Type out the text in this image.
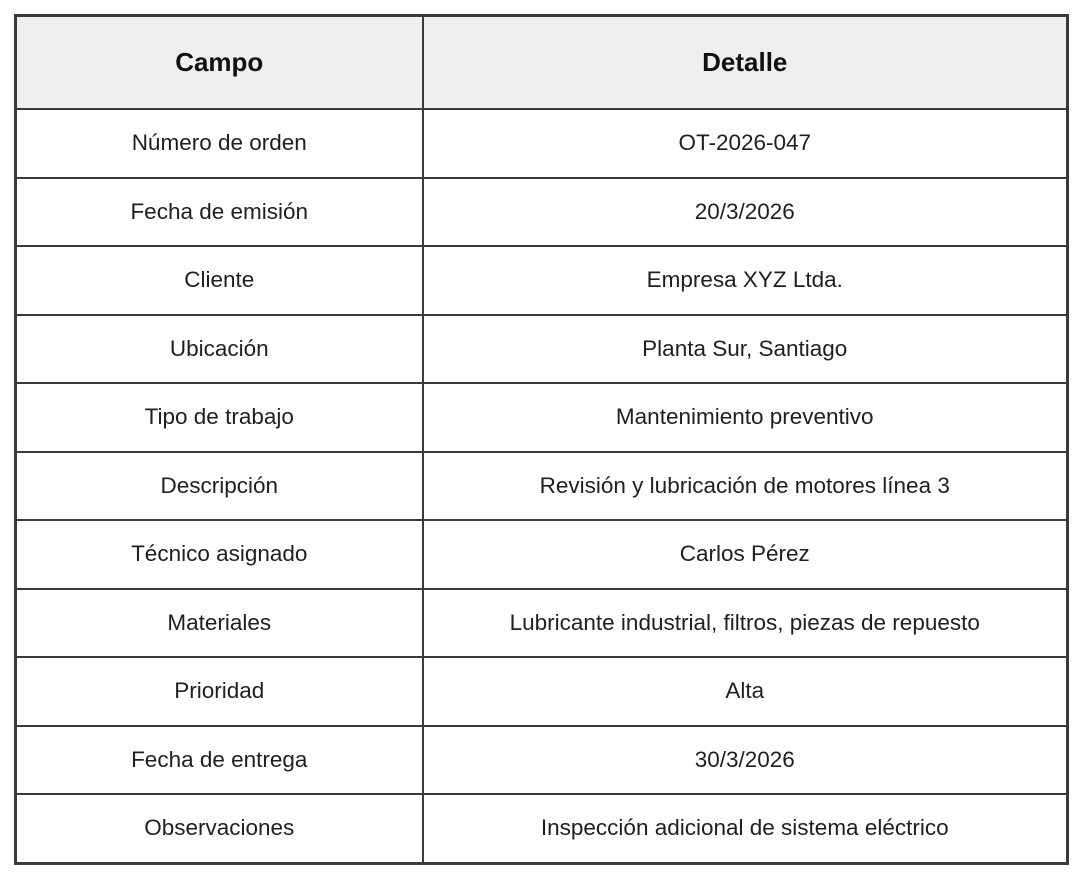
Campo	Detalle
Número de orden	OT-2026-047
Fecha de emisión	20/3/2026
Cliente	Empresa XYZ Ltda.
Ubicación	Planta Sur, Santiago
Tipo de trabajo	Mantenimiento preventivo
Descripción	Revisión y lubricación de motores línea 3
Técnico asignado	Carlos Pérez
Materiales	Lubricante industrial, filtros, piezas de repuesto
Prioridad	Alta
Fecha de entrega	30/3/2026
Observaciones	Inspección adicional de sistema eléctrico
